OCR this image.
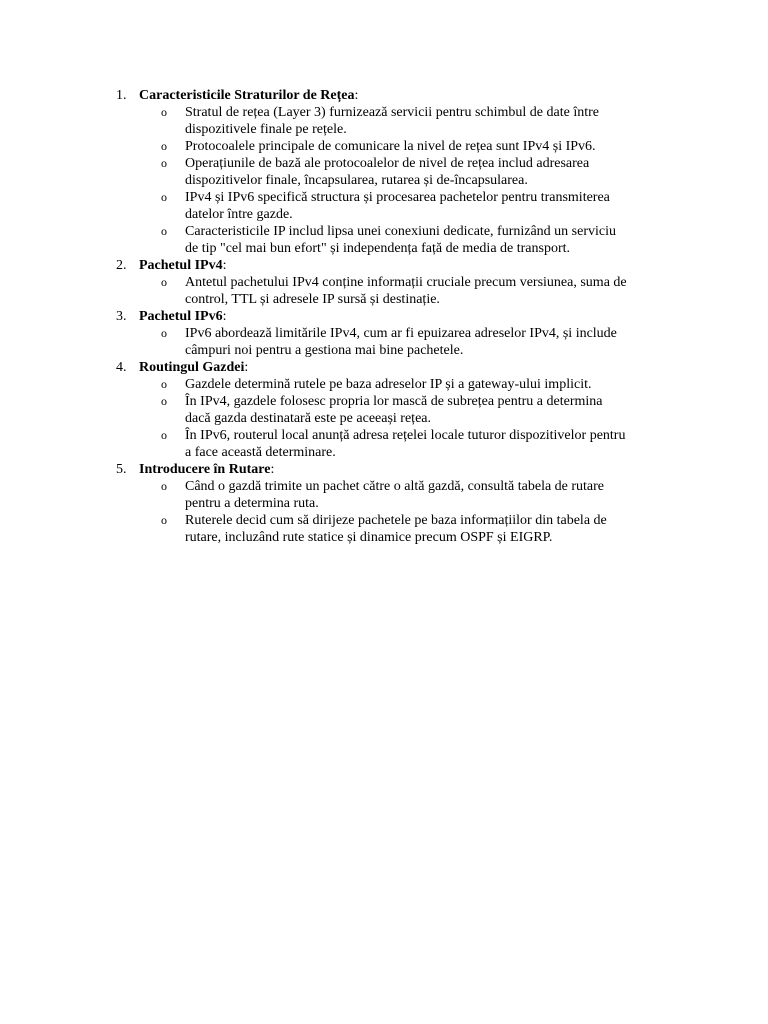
1. Caracteristicile Straturilor de Rețea:
o Stratul de rețea (Layer 3) furnizează servicii pentru schimbul de date între
dispozitivele finale pe rețele.
o Protocoalele principale de comunicare la nivel de rețea sunt IPv4 și IPv6.
o Operațiunile de bază ale protocoalelor de nivel de rețea includ adresarea
dispozitivelor finale, încapsularea, rutarea și de-încapsularea.
o IPv4 și IPv6 specifică structura și procesarea pachetelor pentru transmiterea
datelor între gazde.
o Caracteristicile IP includ lipsa unei conexiuni dedicate, furnizând un serviciu
de tip "cel mai bun efort" și independența față de media de transport.
2. Pachetul IPv4:
o Antetul pachetului IPv4 conține informații cruciale precum versiunea, suma de
control, TTL și adresele IP sursă și destinație.
3. Pachetul IPv6:
o IPv6 abordează limitările IPv4, cum ar fi epuizarea adreselor IPv4, și include
câmpuri noi pentru a gestiona mai bine pachetele.
4. Routingul Gazdei:
o Gazdele determină rutele pe baza adreselor IP și a gateway-ului implicit.
o În IPv4, gazdele folosesc propria lor mască de subrețea pentru a determina
dacă gazda destinatară este pe aceeași rețea.
o În IPv6, routerul local anunță adresa rețelei locale tuturor dispozitivelor pentru
a face această determinare.
5. Introducere în Rutare:
o Când o gazdă trimite un pachet către o altă gazdă, consultă tabela de rutare
pentru a determina ruta.
o Ruterele decid cum să dirijeze pachetele pe baza informațiilor din tabela de
rutare, incluzând rute statice și dinamice precum OSPF și EIGRP.
